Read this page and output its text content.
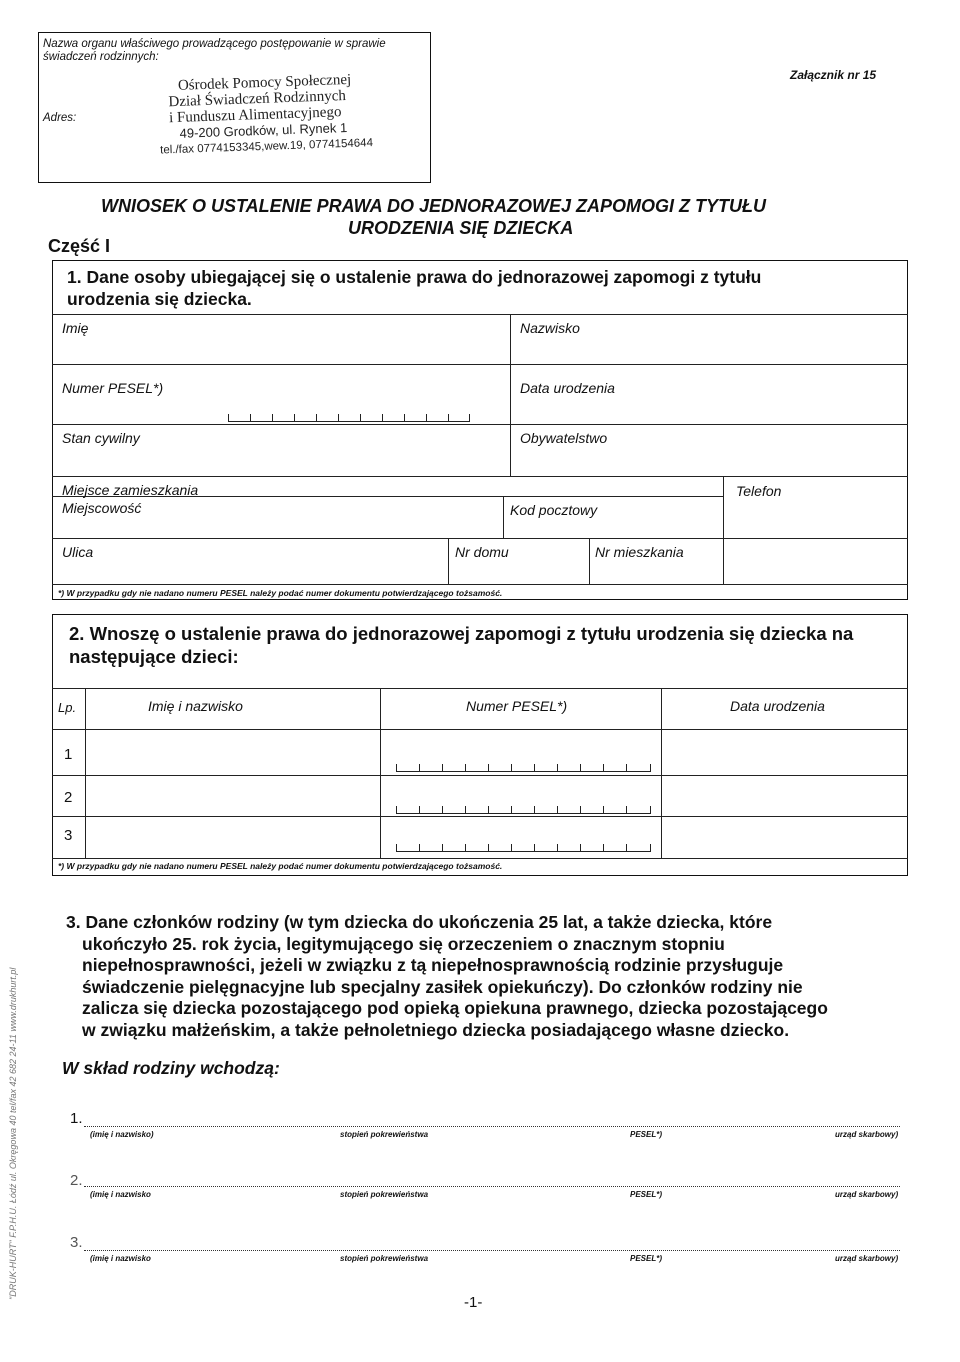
Nazwa organu właściwego prowadzącego postępowanie w sprawie świadczeń rodzinnych:
Adres:
Ośrodek Pomocy Społecznej
Dział Świadczeń Rodzinnych
i Funduszu Alimentacyjnego
49-200 Grodków, ul. Rynek 1
tel./fax 0774153345,wew.19, 0774154644
Załącznik nr 15
WNIOSEK O USTALENIE PRAWA DO JEDNORAZOWEJ ZAPOMOGI Z TYTUŁU
URODZENIA SIĘ DZIECKA
Część I
1. Dane osoby ubiegającej się o ustalenie prawa do jednorazowej zapomogi z tytułu
urodzenia się dziecka.
Imię	Nazwisko
Numer PESEL*)	Data urodzenia
Stan cywilny	Obywatelstwo
Miejsce zamieszkania	Telefon
Miejscowość	Kod pocztowy
Ulica	Nr domu	Nr mieszkania
*) W przypadku gdy nie nadano numeru PESEL należy podać numer dokumentu potwierdzającego tożsamość.
2. Wnoszę o ustalenie prawa do jednorazowej zapomogi z tytułu urodzenia się dziecka na
następujące dzieci:
Lp.	Imię i nazwisko	Numer PESEL*)	Data urodzenia
1
2
3
*) W przypadku gdy nie nadano numeru PESEL należy podać numer dokumentu potwierdzającego tożsamość.
3. Dane członków rodziny (w tym dziecka do ukończenia 25 lat, a także dziecka, które
ukończyło 25. rok życia, legitymującego się orzeczeniem o znacznym stopniu
niepełnosprawności, jeżeli w związku z tą niepełnosprawnością rodzinie przysługuje
świadczenie pielęgnacyjne lub specjalny zasiłek opiekuńczy). Do członków rodziny nie
zalicza się dziecka pozostającego pod opieką opiekuna prawnego, dziecka pozostającego
w związku małżeńskim, a także pełnoletniego dziecka posiadającego własne dziecko.
W skład rodziny wchodzą:
1.
(imię i nazwisko)	stopień pokrewieństwa	PESEL*)	urząd skarbowy)
2.
(imię i nazwisko	stopień pokrewieństwa	PESEL*)	urząd skarbowy)
3.
(imię i nazwisko	stopień pokrewieństwa	PESEL*)	urząd skarbowy)
-1-
"DRUK-HURT" F.P.H.U. Łódź ul. Okręgowa 40 tel/fax 42 682 24-11 www.drukhurt.pl
